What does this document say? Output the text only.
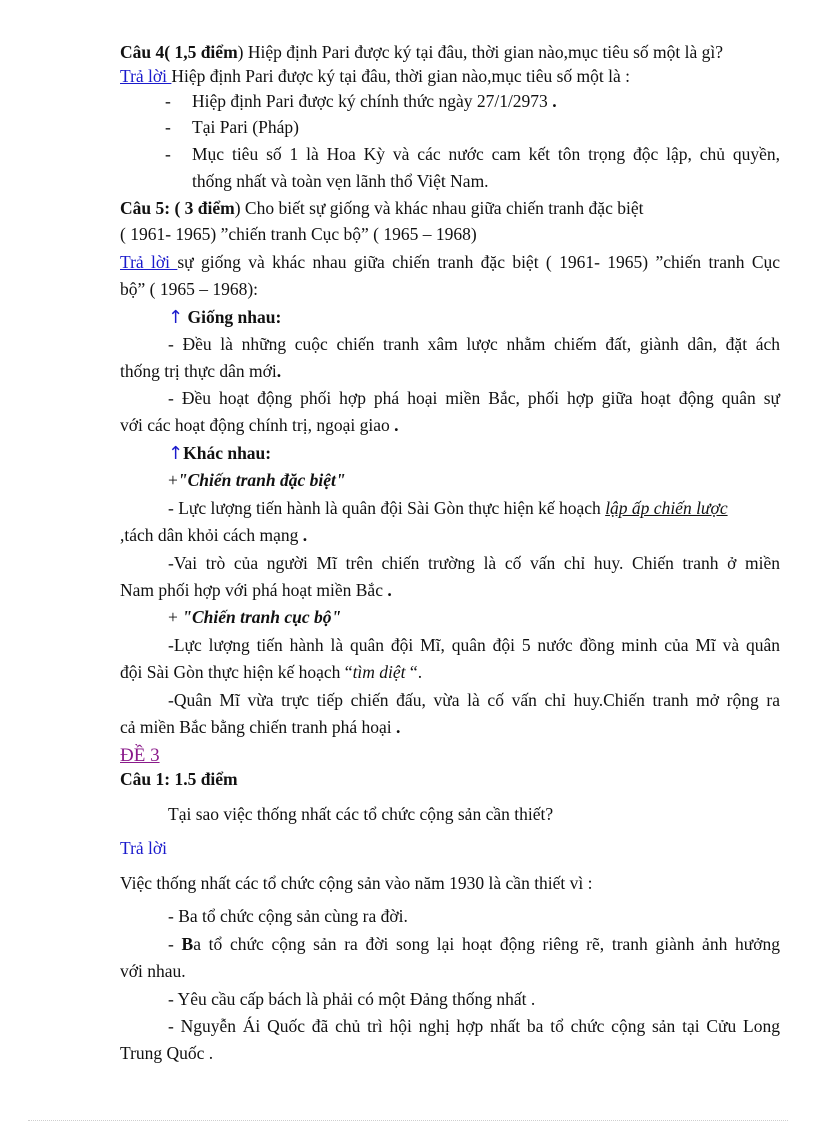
Câu 4( 1,5 điểm) Hiệp định Pari được ký tại đâu, thời gian nào,mục tiêu số một là gì?
Trả lời Hiệp định Pari được ký tại đâu, thời gian nào,mục tiêu số một là :
- Hiệp định Pari được ký chính thức ngày 27/1/2973 .
- Tại Pari (Pháp)
- Mục tiêu số 1 là Hoa Kỳ và các nước cam kết tôn trọng độc lập, chủ quyền,
thống nhất và toàn vẹn lãnh thổ Việt Nam.
Câu 5: ( 3 điểm) Cho biết sự giống và khác nhau giữa chiến tranh đặc biệt
( 1961- 1965) ”chiến tranh Cục bộ” ( 1965 – 1968)
Trả lời sự giống và khác nhau giữa chiến tranh đặc biệt ( 1961- 1965) ”chiến tranh Cục
bộ” ( 1965 – 1968):
↑ Giống nhau:
- Đều là những cuộc chiến tranh xâm lược nhằm chiếm đất, giành dân, đặt ách
thống trị thực dân mới.
- Đều hoạt động phối hợp phá hoại miền Bắc, phối hợp giữa hoạt động quân sự
với các hoạt động chính trị, ngoại giao .
↑Khác nhau:
+"Chiến tranh đặc biệt"
- Lực lượng tiến hành là quân đội Sài Gòn thực hiện kế hoạch lập ấp chiến lược
,tách dân khỏi cách mạng .
-Vai trò của người Mĩ trên chiến trường là cố vấn chỉ huy. Chiến tranh ở miền
Nam phối hợp với phá hoạt miền Bắc .
+ "Chiến tranh cục bộ"
-Lực lượng tiến hành là quân đội Mĩ, quân đội 5 nước đồng minh của Mĩ và quân
đội Sài Gòn thực hiện kế hoạch “tìm diệt “.
-Quân Mĩ vừa trực tiếp chiến đấu, vừa là cố vấn chỉ huy.Chiến tranh mở rộng ra
cả miền Bắc bằng chiến tranh phá hoại .
ĐỀ 3
Câu 1: 1.5 điểm
Tại sao việc thống nhất các tổ chức cộng sản cần thiết?
Trả lời
Việc thống nhất các tổ chức cộng sản vào năm 1930 là cần thiết vì :
- Ba tổ chức cộng sản cùng ra đời.
- Ba tổ chức cộng sản ra đời song lại hoạt động riêng rẽ, tranh giành ảnh hưởng
với nhau.
- Yêu cầu cấp bách là phải có một Đảng thống nhất .
- Nguyễn Ái Quốc đã chủ trì hội nghị hợp nhất ba tổ chức cộng sản tại Cửu Long
Trung Quốc .
